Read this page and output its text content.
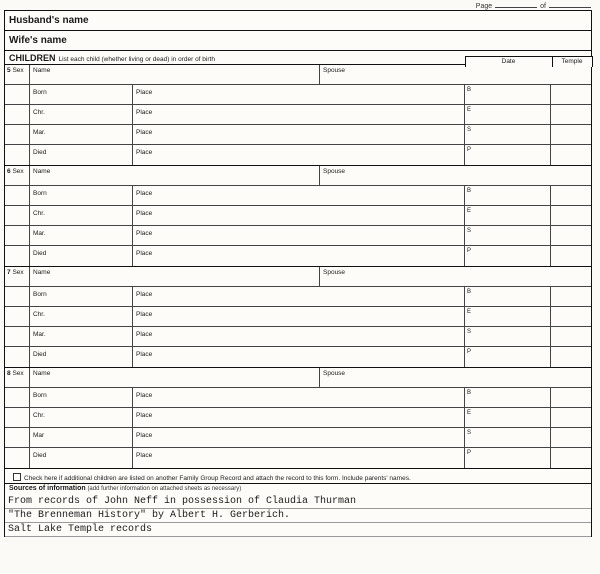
Page	of
Husband's name
Wife's name
CHILDREN List each child (whether living or dead) in order of birth	Date	Temple
5 Sex	Name	Spouse
Born	Place	B
Chr.	Place	E
Mar.	Place	S
Died	Place	P
6 Sex	Name	Spouse
Born	Place	B
Chr.	Place	E
Mar.	Place	S
Died	Place	P
7 Sex	Name	Spouse
Born	Place	B
Chr.	Place	E
Mar.	Place	S
Died	Place	P
8 Sex	Name	Spouse
Born	Place	B
Chr.	Place	E
Mar	Place	S
Died	Place	P
Check here if additional children are listed on another Family Group Record and attach the record to this form. Include parents' names.
Sources of information (add further information on attached sheets as necessary)
From records of John Neff in possession of Claudia Thurman
"The Brenneman History" by Albert H. Gerberich.
Salt Lake Temple records
